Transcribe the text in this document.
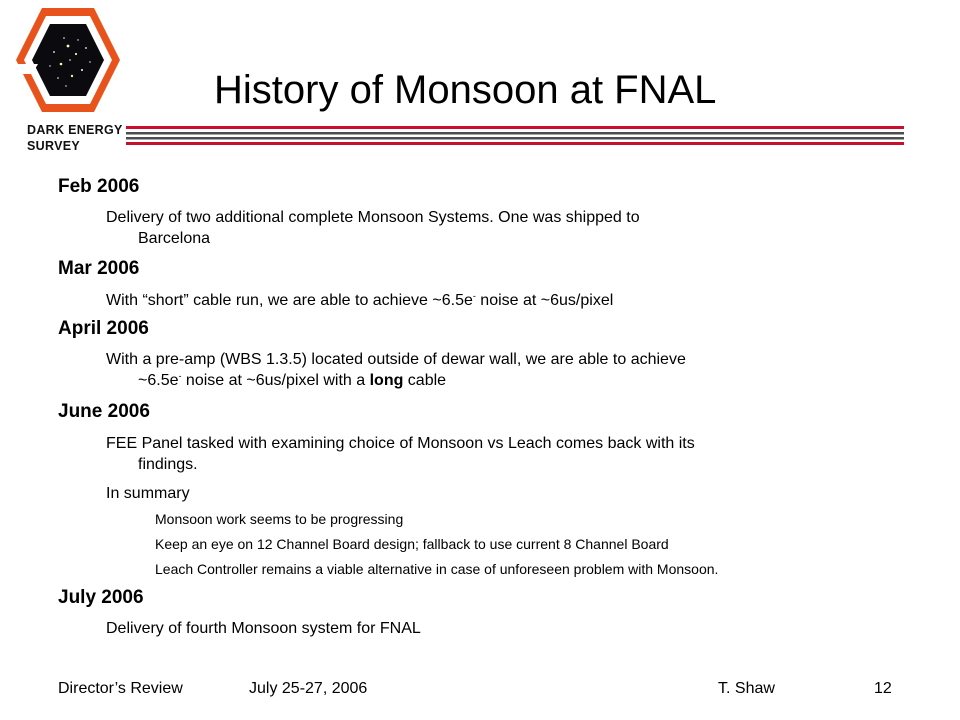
DARK ENERGY
SURVEY
History of Monsoon at FNAL
Feb 2006
Delivery of two additional complete Monsoon Systems. One was shipped to
Barcelona
Mar 2006
With “short” cable run, we are able to achieve ~6.5e- noise at ~6us/pixel
April 2006
With a pre-amp (WBS 1.3.5) located outside of dewar wall, we are able to achieve
~6.5e- noise at ~6us/pixel with a long cable
June 2006
FEE Panel tasked with examining choice of Monsoon vs Leach comes back with its
findings.
In summary
Monsoon work seems to be progressing
Keep an eye on 12 Channel Board design; fallback to use current 8 Channel Board
Leach Controller remains a viable alternative in case of unforeseen problem with Monsoon.
July 2006
Delivery of fourth Monsoon system for FNAL
Director’s Review	July 25-27, 2006	T. Shaw	12
